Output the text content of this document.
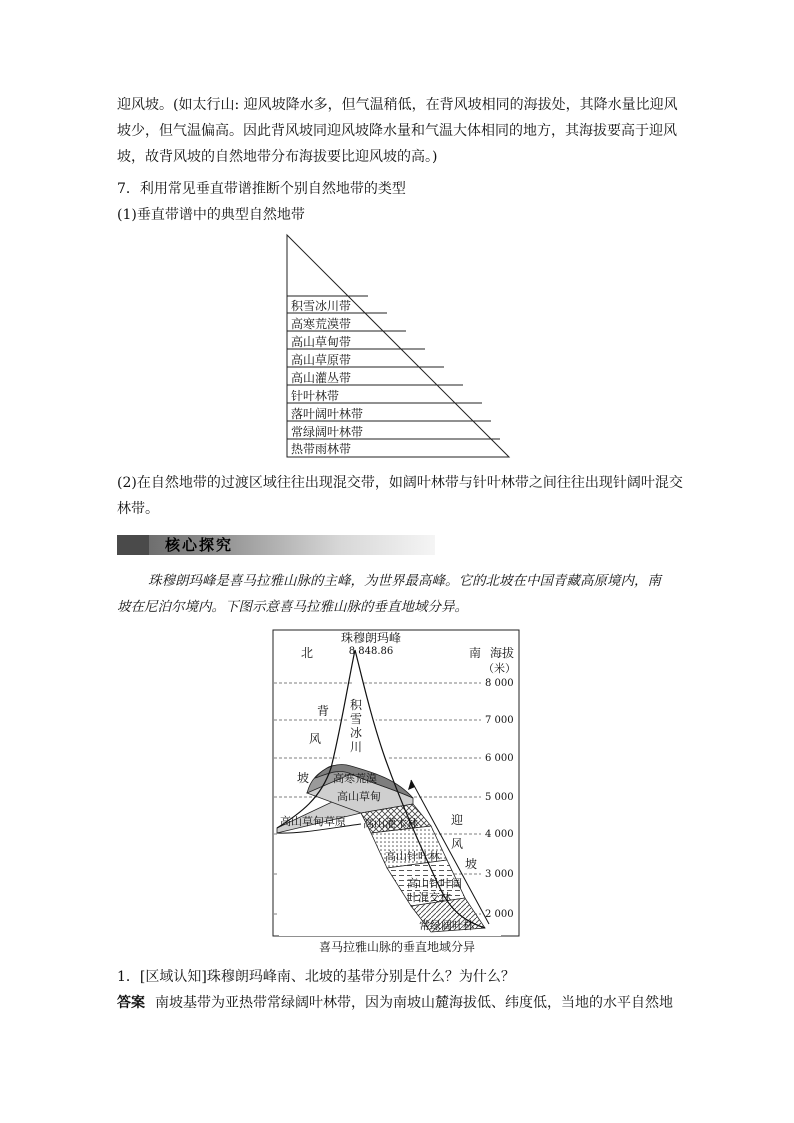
迎风坡。(如太行山: 迎风坡降水多，但气温稍低，在背风坡相同的海拔处，其降水量比迎风
坡少，但气温偏高。因此背风坡同迎风坡降水量和气温大体相同的地方，其海拔要高于迎风
坡，故背风坡的自然地带分布海拔要比迎风坡的高。)
7．利用常见垂直带谱推断个别自然地带的类型
(1)垂直带谱中的典型自然地带
积雪冰川带
高寒荒漠带
高山草甸带
高山草原带
高山灌丛带
针叶林带
落叶阔叶林带
常绿阔叶林带
热带雨林带
(2)在自然地带的过渡区域往往出现混交带，如阔叶林带与针叶林带之间往往出现针阔叶混交
林带。
核心探究
珠穆朗玛峰是喜马拉雅山脉的主峰，为世界最高峰。它的北坡在中国青藏高原境内，南
坡在尼泊尔境内。下图示意喜马拉雅山脉的垂直地域分异。
珠穆朗玛峰
8 848.86
北	南 海拔
（米）
8 000
7 000
6 000
5 000
4 000
3 000
2 000
背
风
坡
迎
风
坡
积
雪
冰
川
高寒荒漠
高山草甸
高山草甸草原 高山灌木林
高山针叶林
高山针叶阔
叶混交林
常绿阔叶林
喜马拉雅山脉的垂直地域分异
1．[区域认知]珠穆朗玛峰南、北坡的基带分别是什么？为什么？
答案 南坡基带为亚热带常绿阔叶林带，因为南坡山麓海拔低、纬度低，当地的水平自然地
